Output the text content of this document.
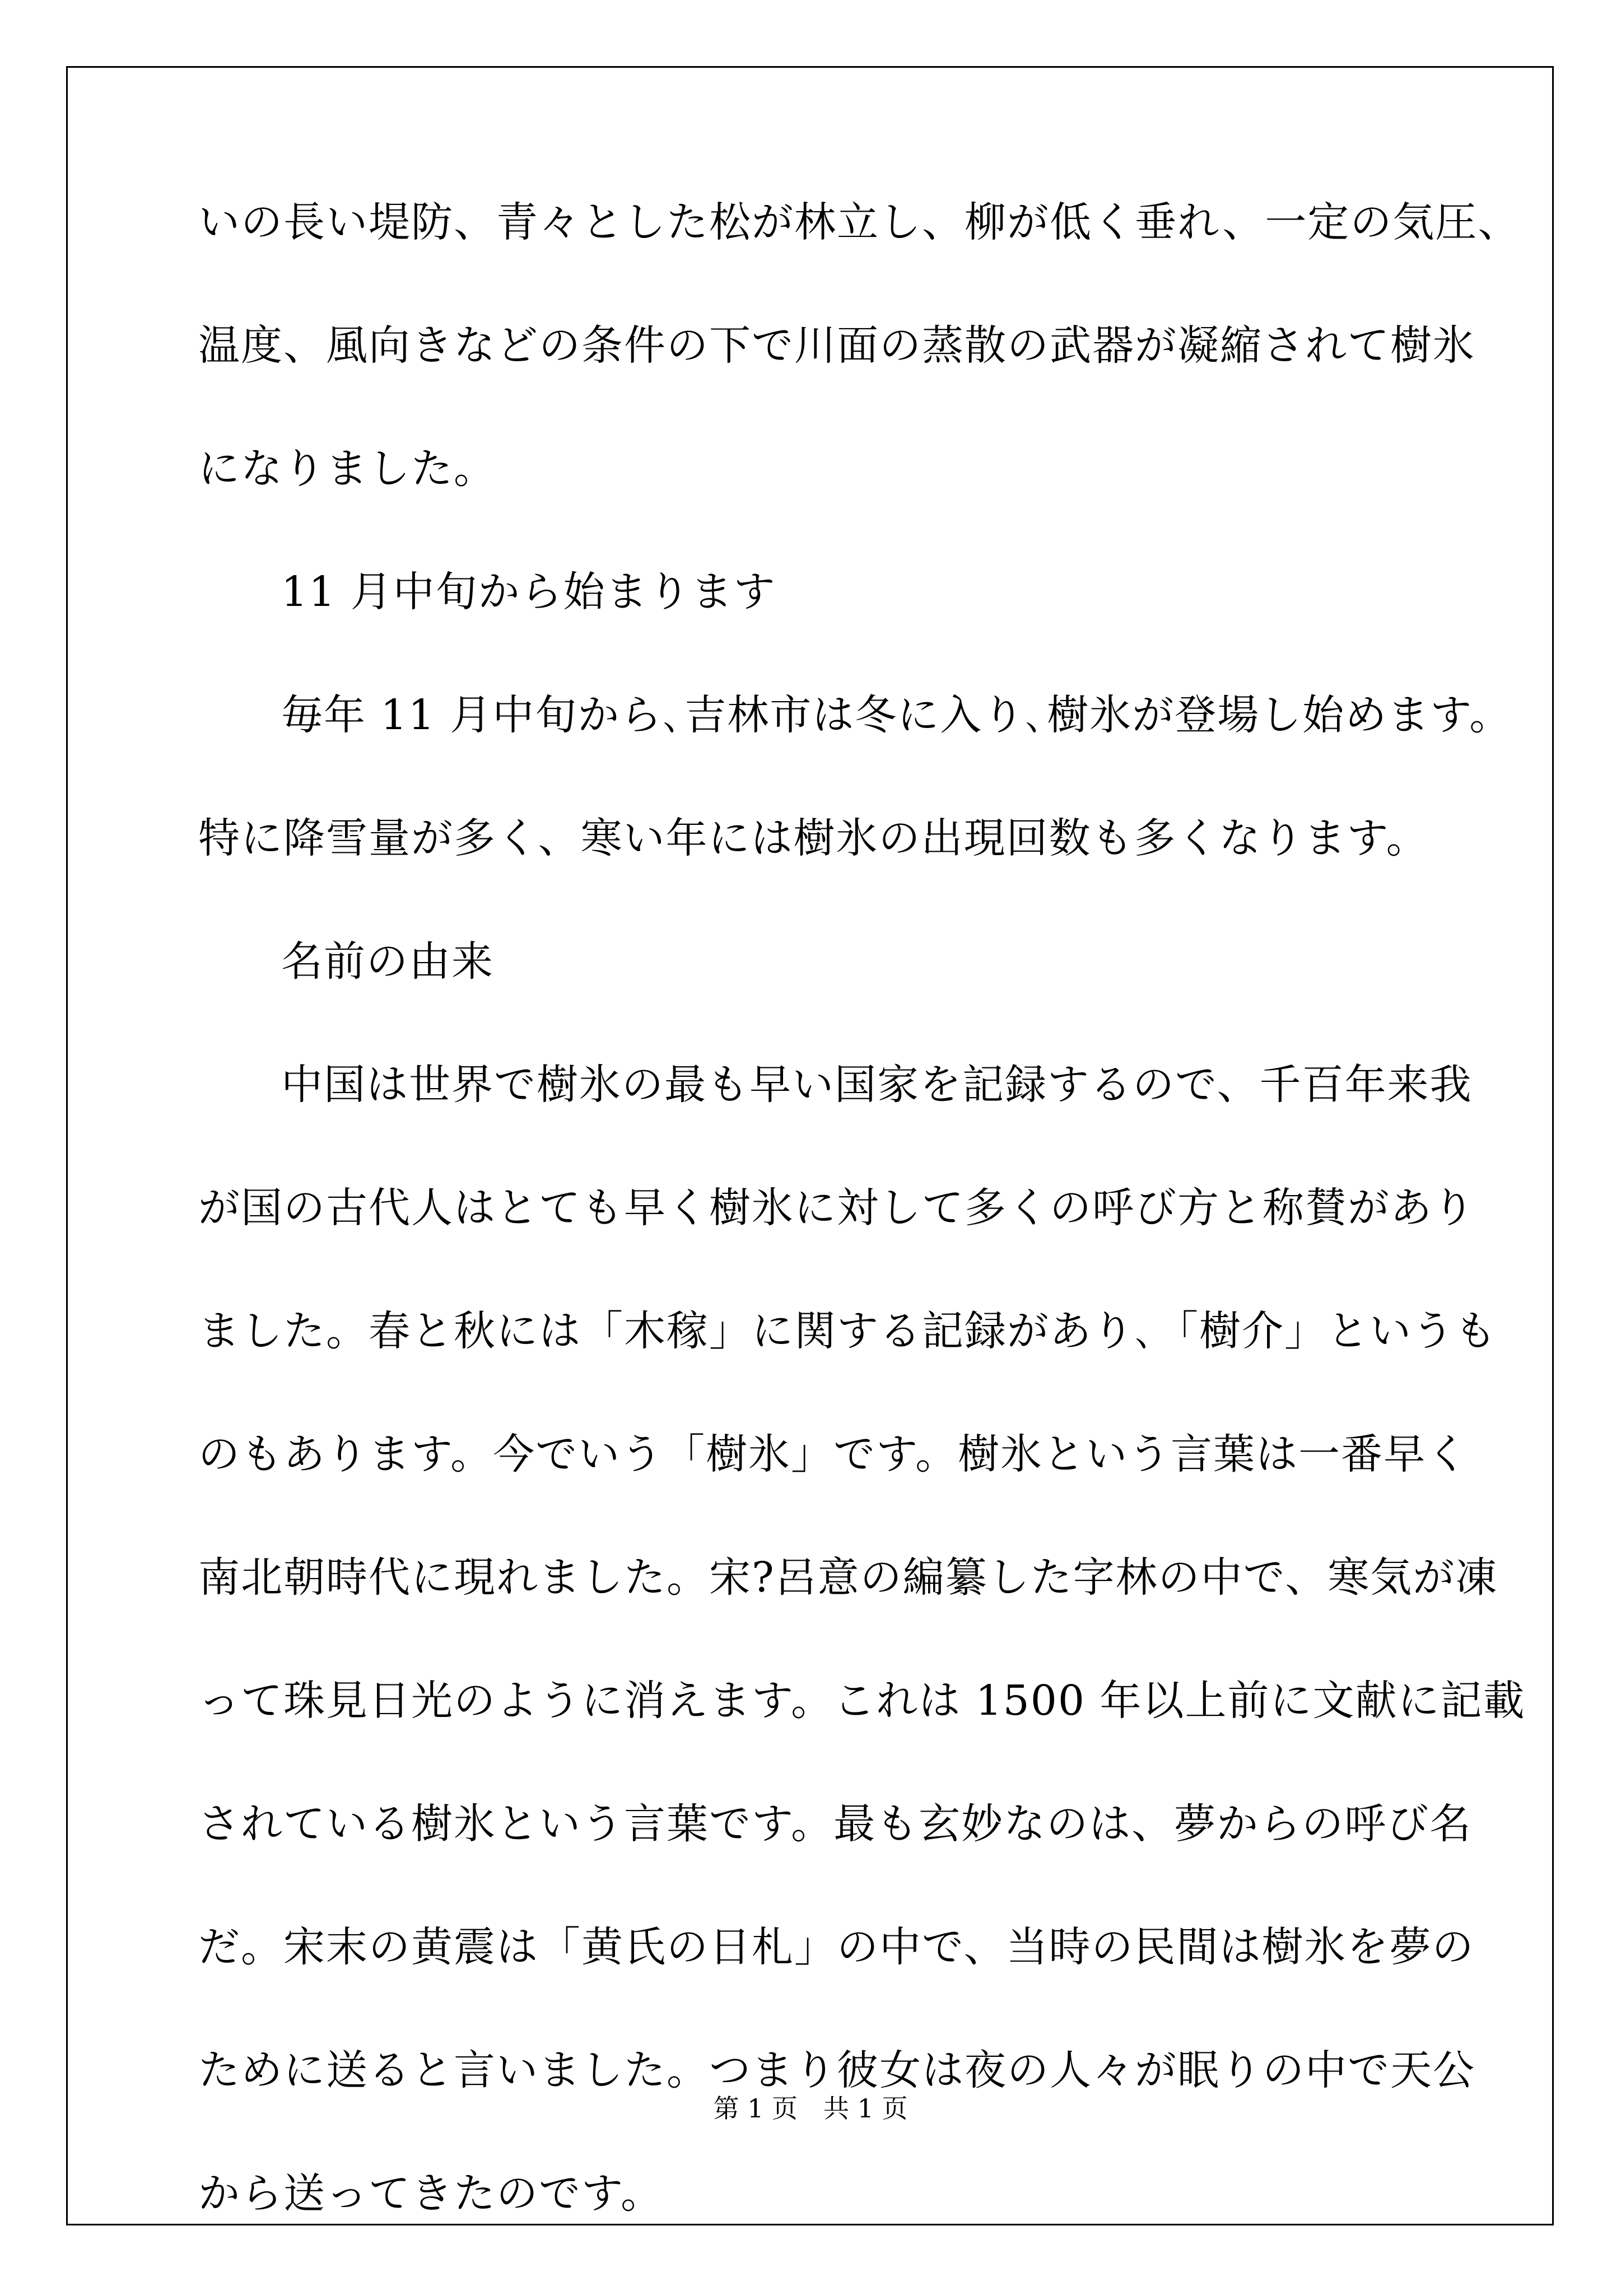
いの長い堤防、青々とした松が林立し、柳が低く垂れ、一定の気圧、
温度、風向きなどの条件の下で川面の蒸散の武器が凝縮されて樹氷
になりました。
11 月中旬から始まります
毎年 11 月中旬から､吉林市は冬に入り､樹氷が登場し始めます。
特に降雪量が多く、寒い年には樹氷の出現回数も多くなります。
名前の由来
中国は世界で樹氷の最も早い国家を記録するので、千百年来我
が国の古代人はとても早く樹氷に対して多くの呼び方と称賛があり
ました。春と秋には「木稼」に関する記録があり､「樹介」というも
のもあります。今でいう「樹氷」です。樹氷という言葉は一番早く
南北朝時代に現れました。宋?呂意の編纂した字林の中で、寒気が凍
って珠見日光のように消えます。これは 1500 年以上前に文献に記載
されている樹氷という言葉です。最も玄妙なのは、夢からの呼び名
だ。宋末の黄震は「黄氏の日札」の中で、当時の民間は樹氷を夢の
ために送ると言いました。つまり彼女は夜の人々が眠りの中で天公
から送ってきたのです。
第 1 页　共 1 页
